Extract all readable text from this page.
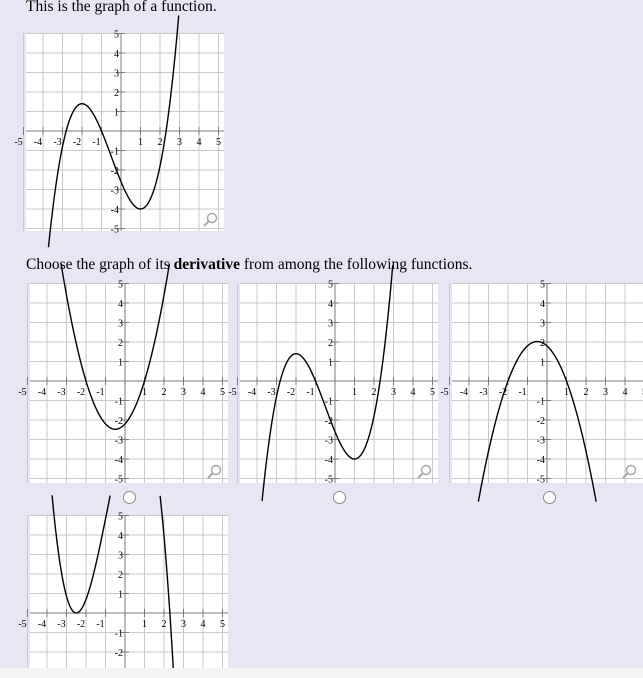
This is the graph of a function.
-5 -4 -3 -2 -1	1 2 3 4 5
5
4
3
2
1
-1
-2
-3
-4
-5
Choose the graph of its derivative from among the following functions.
-5 -4 -3 -2 -1	1 2 3 4 5
5
4
3
2
1
-1
-2
-3
-4
-5
-5 -4 -3 -2 -1	1 2 3 4 5
5
4
3
2
1
-1
-2
-3
-4
-5
-5 -4 -3 -2 -1	1 2 3 4
5
4
3
2
1
-1
-2
-3
-4
-5
-5 -4 -3 -2 -1	1 2 3 4 5
5
4
3
2
1
-1
-2
